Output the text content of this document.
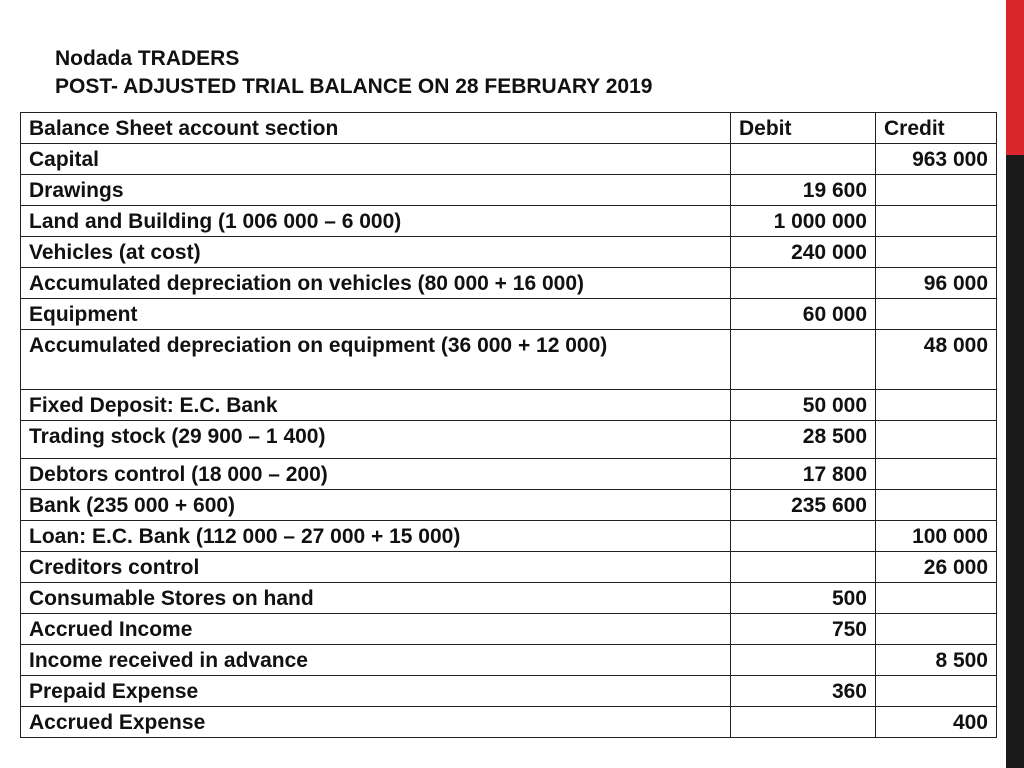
Nodada TRADERS
POST- ADJUSTED TRIAL BALANCE ON 28 FEBRUARY 2019
Balance Sheet account section	Debit	Credit
Capital		963 000
Drawings	19 600	
Land and Building (1 006 000 – 6 000)	1 000 000	
Vehicles (at cost)	240 000	
Accumulated depreciation on vehicles (80 000 + 16 000)		96 000
Equipment	60 000	
Accumulated depreciation on equipment (36 000 + 12 000)		48 000
Fixed Deposit: E.C. Bank	50 000	
Trading stock (29 900 – 1 400)	28 500	
Debtors control (18 000 – 200)	17 800	
Bank (235 000 + 600)	235 600	
Loan: E.C. Bank (112 000 – 27 000 + 15 000)		100 000
Creditors control		26 000
Consumable Stores on hand	500	
Accrued Income	750	
Income received in advance		8 500
Prepaid Expense	360	
Accrued Expense		400
